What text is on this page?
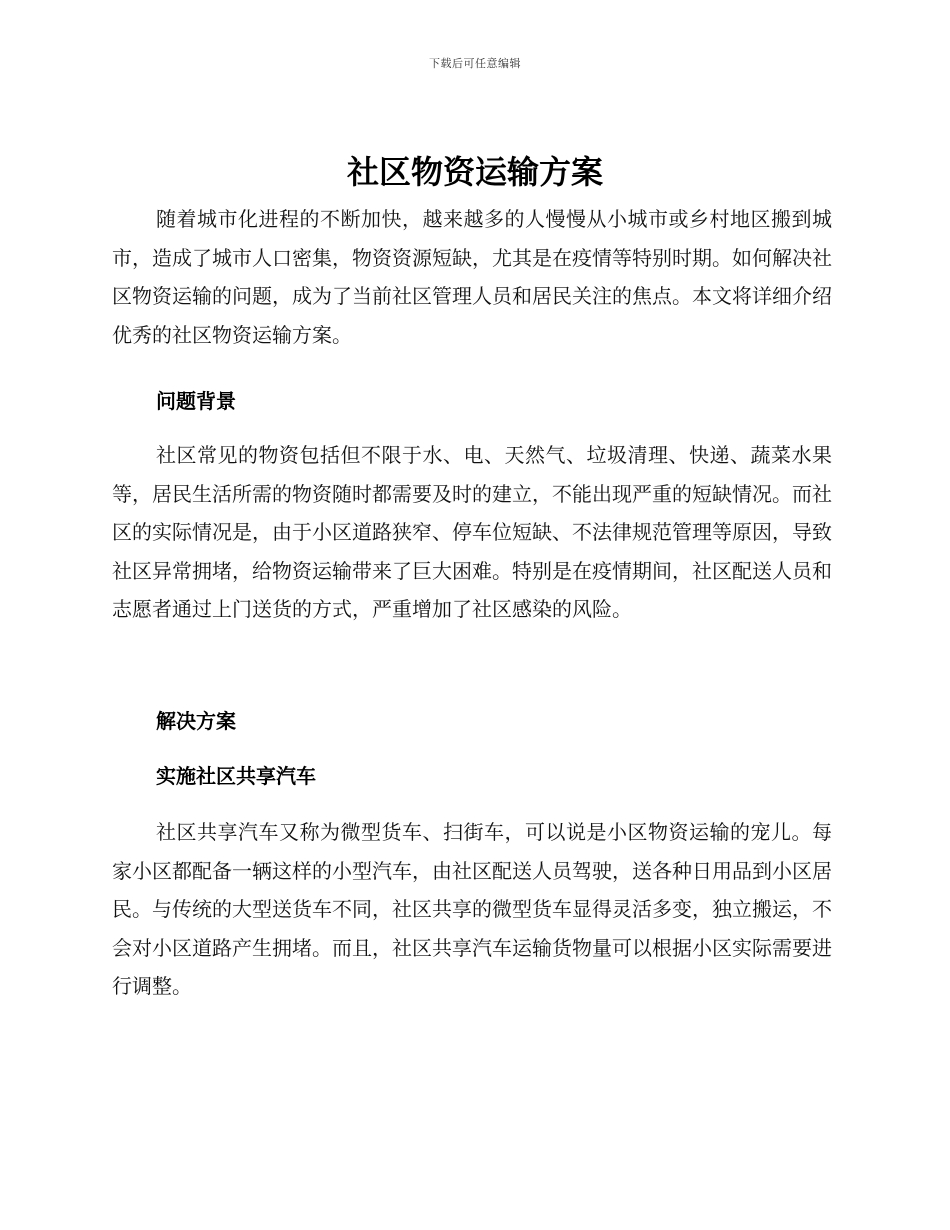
下载后可任意编辑
社区物资运输方案

随着城市化进程的不断加快，越来越多的人慢慢从小城市或乡村地区搬到城市，造成了城市人口密集，物资资源短缺，尤其是在疫情等特别时期。如何解决社区物资运输的问题，成为了当前社区管理人员和居民关注的焦点。本文将详细介绍优秀的社区物资运输方案。

问题背景

社区常见的物资包括但不限于水、电、天然气、垃圾清理、快递、蔬菜水果等，居民生活所需的物资随时都需要及时的建立，不能出现严重的短缺情况。而社区的实际情况是，由于小区道路狭窄、停车位短缺、不法律规范管理等原因，导致社区异常拥堵，给物资运输带来了巨大困难。特别是在疫情期间，社区配送人员和志愿者通过上门送货的方式，严重增加了社区感染的风险。

解决方案
实施社区共享汽车

社区共享汽车又称为微型货车、扫街车，可以说是小区物资运输的宠儿。每家小区都配备一辆这样的小型汽车，由社区配送人员驾驶，送各种日用品到小区居民。与传统的大型送货车不同，社区共享的微型货车显得灵活多变，独立搬运，不会对小区道路产生拥堵。而且，社区共享汽车运输货物量可以根据小区实际需要进行调整。
